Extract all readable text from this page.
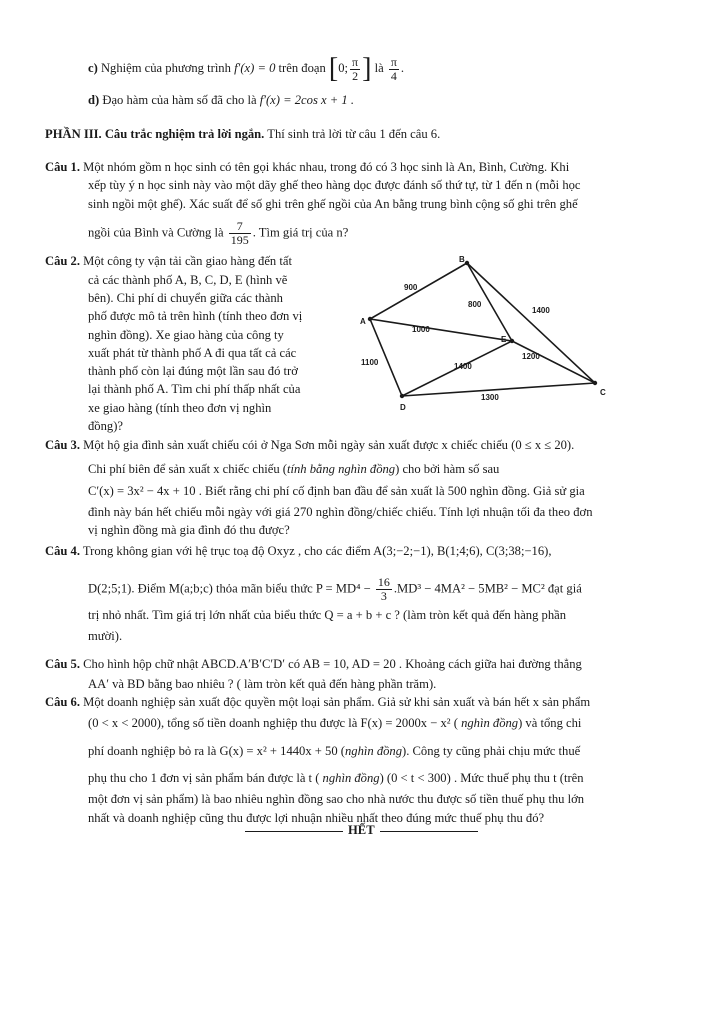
c) Nghiệm của phương trình f′(x) = 0 trên đoạn [0; $\frac{\pi}{2}$ ] là $\frac{\pi}{4}$ .
d) Đạo hàm của hàm số đã cho là f′(x) = 2cos x + 1 .
PHẦN III. Câu trắc nghiệm trả lời ngắn. Thí sinh trả lời từ câu 1 đến câu 6.
Câu 1. Một nhóm gồm n học sinh có tên gọi khác nhau, trong đó có 3 học sinh là An, Bình, Cường. Khi
xếp tùy ý n học sinh này vào một dãy ghế theo hàng dọc được đánh số thứ tự, từ 1 đến n (mỗi học
sinh ngồi một ghế). Xác suất để số ghi trên ghế ngồi của An bằng trung bình cộng số ghi trên ghế
ngồi của Bình và Cường là $\frac{7}{195}$ . Tìm giá trị của n?
Câu 2. Một công ty vận tải cần giao hàng đến tất
cả các thành phố A, B, C, D, E (hình vẽ
bên). Chi phí di chuyển giữa các thành
phố được mô tả trên hình (tính theo đơn vị
nghìn đồng). Xe giao hàng của công ty
xuất phát từ thành phố A đi qua tất cả các
thành phố còn lại đúng một lần sau đó trở
lại thành phố A. Tìm chi phí thấp nhất của
xe giao hàng (tính theo đơn vị nghìn
đồng)?
A
B
C
D
E
900
800
1400
1000
1200
1100	1400
1300
Câu 3. Một hộ gia đình sản xuất chiếu cói ở Nga Sơn mỗi ngày sản xuất được x chiếc chiếu (0 ≤ x ≤ 20).
Chi phí biên để sản xuất x chiếc chiếu (tính bằng nghìn đồng) cho bởi hàm số sau
C′(x) = 3x² − 4x + 10 . Biết rằng chi phí cố định ban đầu để sản xuất là 500 nghìn đồng. Giả sử gia
đình này bán hết chiếu mỗi ngày với giá 270 nghìn đồng/chiếc chiếu. Tính lợi nhuận tối đa theo đơn
vị nghìn đồng mà gia đình đó thu được?
Câu 4. Trong không gian với hệ trục toạ độ Oxyz , cho các điểm A(3;−2;−1), B(1;4;6), C(3;38;−16),
D(2;5;1). Điểm M(a;b;c) thỏa mãn biểu thức $P = MD^4 - \frac{16}{3} .MD^3 - 4MA^2 - 5MB^2 - MC^2$ đạt giá
trị nhỏ nhất. Tìm giá trị lớn nhất của biểu thức Q = a + b + c ? (làm tròn kết quả đến hàng phần
mười).
Câu 5. Cho hình hộp chữ nhật ABCD.A′B′C′D′ có AB = 10, AD = 20 . Khoảng cách giữa hai đường thẳng
AA′ và BD bằng bao nhiêu ? ( làm tròn kết quả đến hàng phần trăm).
Câu 6. Một doanh nghiệp sản xuất độc quyền một loại sản phẩm. Giả sử khi sản xuất và bán hết x sản phẩm
(0 < x < 2000), tổng số tiền doanh nghiệp thu được là F(x) = 2000x − x² ( nghìn đồng) và tổng chi
phí doanh nghiệp bỏ ra là G(x) = x² + 1440x + 50 (nghìn đồng). Công ty cũng phải chịu mức thuế
phụ thu cho 1 đơn vị sản phẩm bán được là t ( nghìn đồng) (0 < t < 300) . Mức thuế phụ thu t (trên
một đơn vị sản phẩm) là bao nhiêu nghìn đồng sao cho nhà nước thu được số tiền thuế phụ thu lớn
nhất và doanh nghiệp cũng thu được lợi nhuận nhiều nhất theo đúng mức thuế phụ thu đó?
HẾT
